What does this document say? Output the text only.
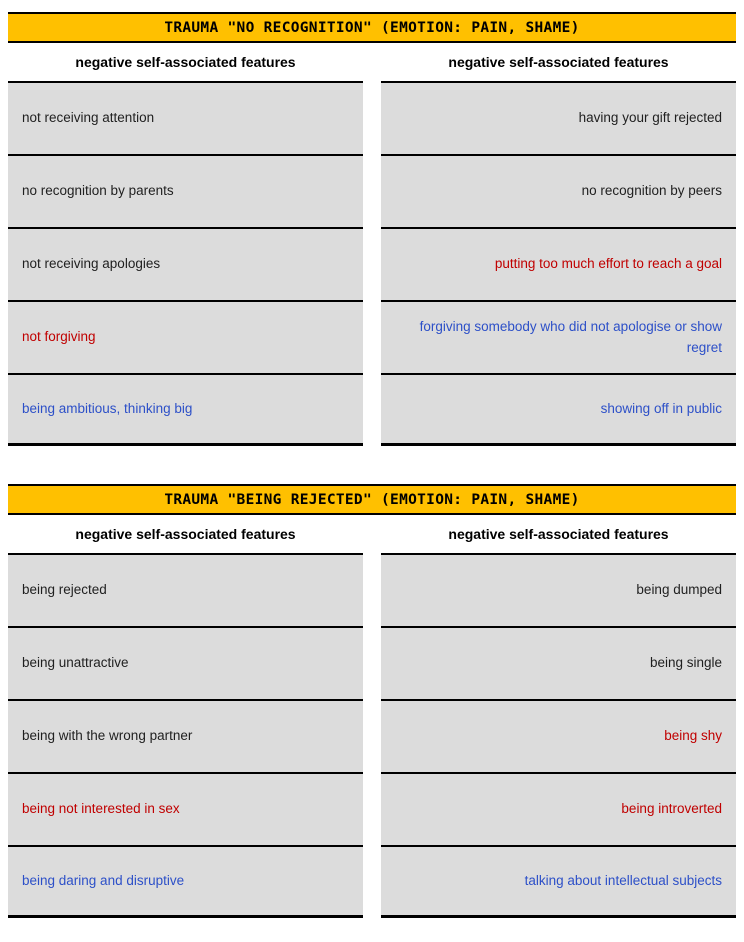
TRAUMA "NO RECOGNITION" (EMOTION: PAIN, SHAME)
negative self-associated features	negative self-associated features
not receiving attention
no recognition by parents
not receiving apologies
not forgiving
being ambitious, thinking big
having your gift rejected
no recognition by peers
putting too much effort to reach a goal
forgiving somebody who did not apologise or show regret
showing off in public
TRAUMA "BEING REJECTED" (EMOTION: PAIN, SHAME)
negative self-associated features	negative self-associated features
being rejected
being unattractive
being with the wrong partner
being not interested in sex
being daring and disruptive
being dumped
being single
being shy
being introverted
talking about intellectual subjects
